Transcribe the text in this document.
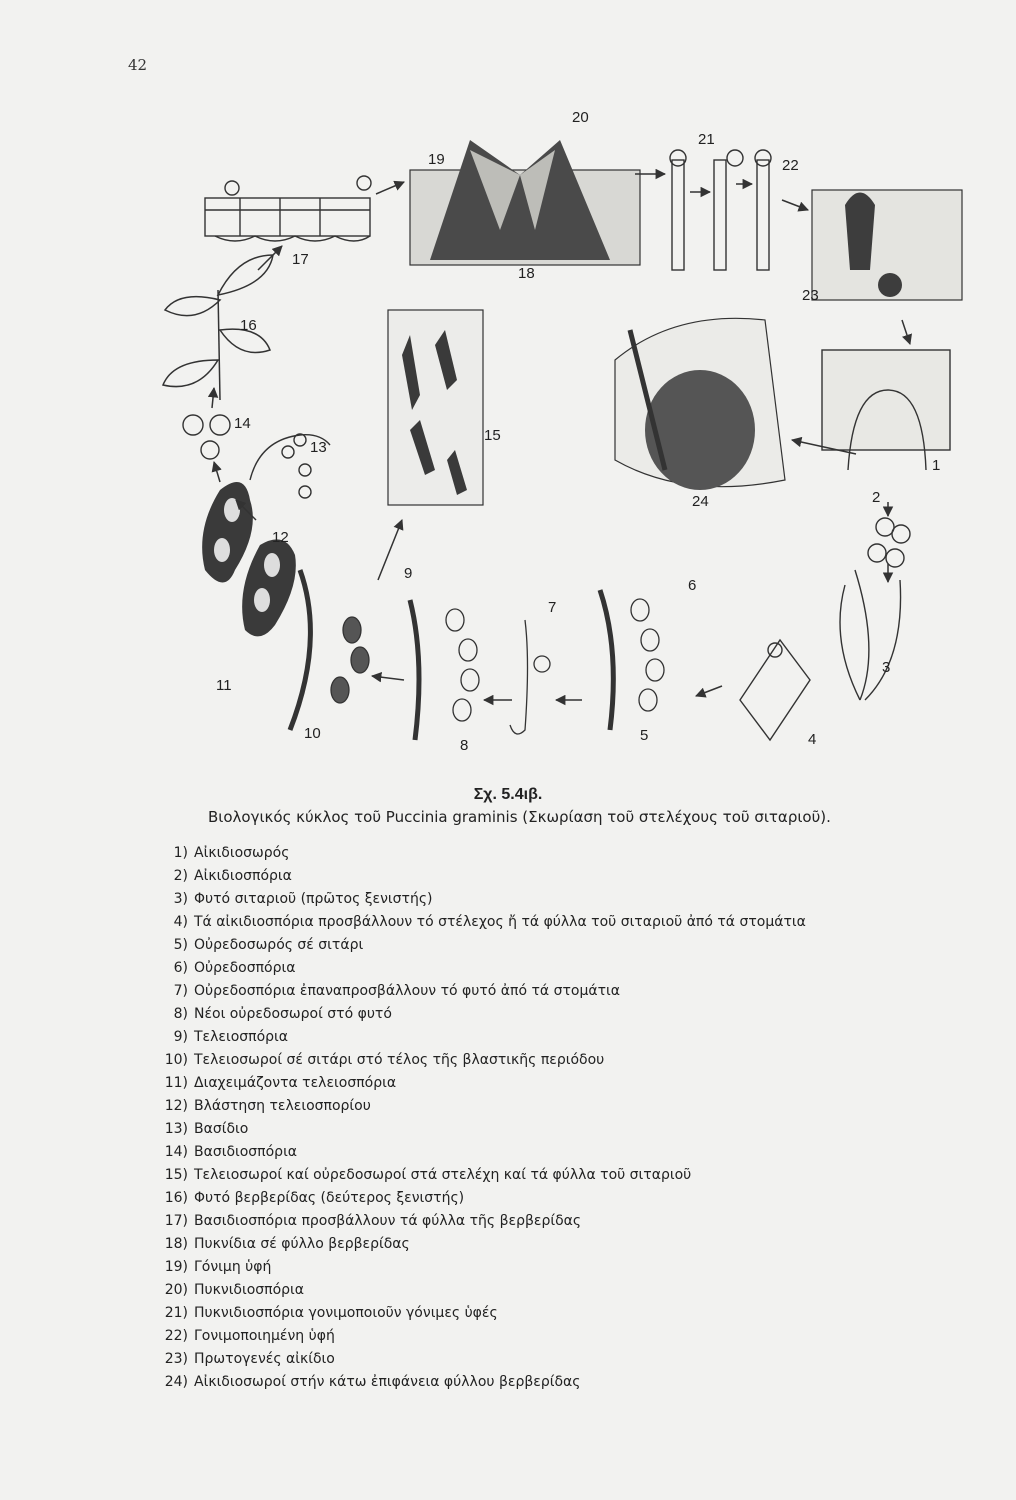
42
1
2
3
4
5
6
7
8
9
10
11
12
13
14
15
16
17
18
19
20
21
22
23
24
Σχ. 5.4ιβ.
Βιολογικός κύκλος τοῦ Puccinia graminis (Σκωρίαση τοῦ στελέχους τοῦ σιταριοῦ).
1) Αἰκιδιοσωρός
2) Αἰκιδιοσπόρια
3) Φυτό σιταριοῦ (πρῶτος ξενιστής)
4) Τά αἰκιδιοσπόρια προσβάλλουν τό στέλεχος ἤ τά φύλλα τοῦ σιταριοῦ ἀπό τά στομάτια
5) Οὐρεδοσωρός σέ σιτάρι
6) Οὐρεδοσπόρια
7) Οὐρεδοσπόρια ἐπαναπροσβάλλουν τό φυτό ἀπό τά στομάτια
8) Νέοι οὐρεδοσωροί στό φυτό
9) Τελειοσπόρια
10) Τελειοσωροί σέ σιτάρι στό τέλος τῆς βλαστικῆς περιόδου
11) Διαχειμάζοντα τελειοσπόρια
12) Βλάστηση τελειοσπορίου
13) Βασίδιο
14) Βασιδιοσπόρια
15) Τελειοσωροί καί οὐρεδοσωροί στά στελέχη καί τά φύλλα τοῦ σιταριοῦ
16) Φυτό βερβερίδας (δεύτερος ξενιστής)
17) Βασιδιοσπόρια προσβάλλουν τά φύλλα τῆς βερβερίδας
18) Πυκνίδια σέ φύλλο βερβερίδας
19) Γόνιμη ὑφή
20) Πυκνιδιοσπόρια
21) Πυκνιδιοσπόρια γονιμοποιοῦν γόνιμες ὑφές
22) Γονιμοποιημένη ὑφή
23) Πρωτογενές αἰκίδιο
24) Αἰκιδιοσωροί στήν κάτω ἐπιφάνεια φύλλου βερβερίδας
